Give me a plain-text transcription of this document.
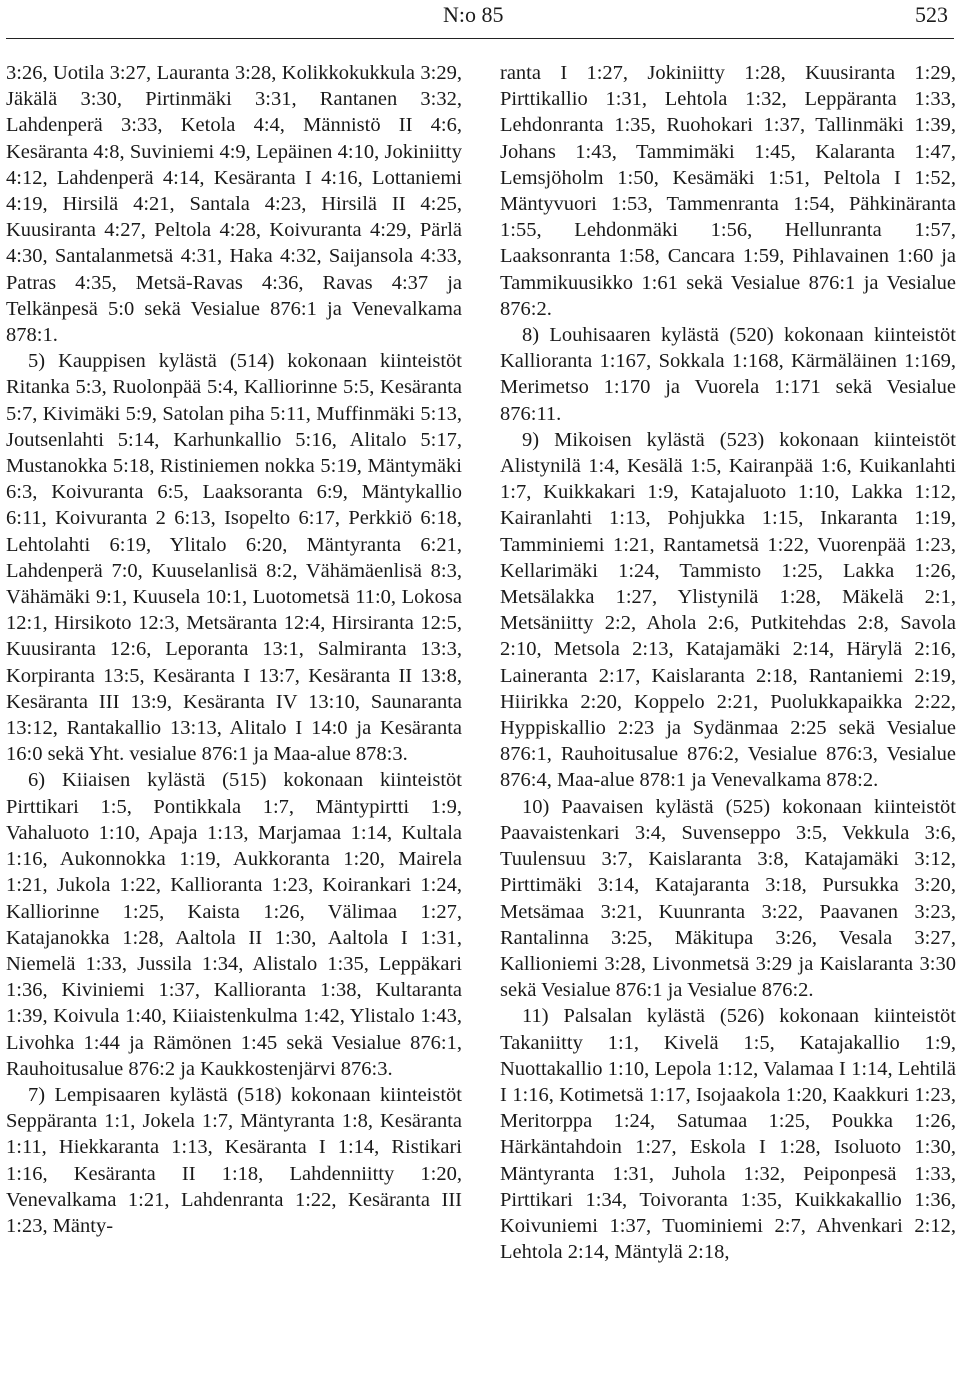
N:o 85	523

3:26, Uotila 3:27, Lauranta 3:28, Kolikkokukkula 3:29, Jäkälä 3:30, Pirtinmäki 3:31, Rantanen 3:32, Lahdenperä 3:33, Ketola 4:4, Männistö II 4:6, Kesäranta 4:8, Suviniemi 4:9, Lepäinen 4:10, Jokiniitty 4:12, Lahdenperä 4:14, Kesäranta I 4:16, Lottaniemi 4:19, Hirsilä 4:21, Santala 4:23, Hirsilä II 4:25, Kuusiranta 4:27, Peltola 4:28, Koivuranta 4:29, Pärlä 4:30, Santalanmetsä 4:31, Haka 4:32, Saijansola 4:33, Patras 4:35, Metsä-Ravas 4:36, Ravas 4:37 ja Telkänpesä 5:0 sekä Vesialue 876:1 ja Venevalkama 878:1.

5) Kauppisen kylästä (514) kokonaan kiinteistöt Ritanka 5:3, Ruolonpää 5:4, Kalliorinne 5:5, Kesäranta 5:7, Kivimäki 5:9, Satolan piha 5:11, Muffinmäki 5:13, Joutsenlahti 5:14, Karhunkallio 5:16, Alitalo 5:17, Mustanokka 5:18, Ristiniemen nokka 5:19, Mäntymäki 6:3, Koivuranta 6:5, Laaksoranta 6:9, Mäntykallio 6:11, Koivuranta 2 6:13, Isopelto 6:17, Perkkiö 6:18, Lehtolahti 6:19, Ylitalo 6:20, Mäntyranta 6:21, Lahdenperä 7:0, Kuuselanlisä 8:2, Vähämäenlisä 8:3, Vähämäki 9:1, Kuusela 10:1, Luotometsä 11:0, Lokosa 12:1, Hirsikoto 12:3, Metsäranta 12:4, Hirsiranta 12:5, Kuusiranta 12:6, Leporanta 13:1, Salmiranta 13:3, Korpiranta 13:5, Kesäranta I 13:7, Kesäranta II 13:8, Kesäranta III 13:9, Kesäranta IV 13:10, Saunaranta 13:12, Rantakallio 13:13, Alitalo I 14:0 ja Kesäranta 16:0 sekä Yht. vesialue 876:1 ja Maa-alue 878:3.

6) Kiiaisen kylästä (515) kokonaan kiinteistöt Pirttikari 1:5, Pontikkala 1:7, Mäntypirtti 1:9, Vahaluoto 1:10, Apaja 1:13, Marjamaa 1:14, Kultala 1:16, Aukonnokka 1:19, Aukkoranta 1:20, Mairela 1:21, Jukola 1:22, Kallioranta 1:23, Koirankari 1:24, Kalliorinne 1:25, Kaista 1:26, Välimaa 1:27, Katajanokka 1:28, Aaltola II 1:30, Aaltola I 1:31, Niemelä 1:33, Jussila 1:34, Alistalo 1:35, Leppäkari 1:36, Kiviniemi 1:37, Kallioranta 1:38, Kultaranta 1:39, Koivula 1:40, Kiiaistenkulma 1:42, Ylistalo 1:43, Livohka 1:44 ja Rämönen 1:45 sekä Vesialue 876:1, Rauhoitusalue 876:2 ja Kaukkostenjärvi 876:3.

7) Lempisaaren kylästä (518) kokonaan kiinteistöt Seppäranta 1:1, Jokela 1:7, Mäntyranta 1:8, Kesäranta 1:11, Hiekkaranta 1:13, Kesäranta I 1:14, Ristikari 1:16, Kesäranta II 1:18, Lahdenniitty 1:20, Venevalkama 1:21, Lahdenranta 1:22, Kesäranta III 1:23, Mänty-

ranta I 1:27, Jokiniitty 1:28, Kuusiranta 1:29, Pirttikallio 1:31, Lehtola 1:32, Leppäranta 1:33, Lehdonranta 1:35, Ruohokari 1:37, Tallinmäki 1:39, Johans 1:43, Tammimäki 1:45, Kalaranta 1:47, Lemsjöholm 1:50, Kesämäki 1:51, Peltola I 1:52, Mäntyvuori 1:53, Tammenranta 1:54, Pähkinäranta 1:55, Lehdonmäki 1:56, Hellunranta 1:57, Laaksonranta 1:58, Cancara 1:59, Pihlavainen 1:60 ja Tammikuusikko 1:61 sekä Vesialue 876:1 ja Vesialue 876:2.

8) Louhisaaren kylästä (520) kokonaan kiinteistöt Kallioranta 1:167, Sokkala 1:168, Kärmäläinen 1:169, Merimetso 1:170 ja Vuorela 1:171 sekä Vesialue 876:11.

9) Mikoisen kylästä (523) kokonaan kiinteistöt Alistynilä 1:4, Kesälä 1:5, Kairanpää 1:6, Kuikanlahti 1:7, Kuikkakari 1:9, Katajaluoto 1:10, Lakka 1:12, Kairanlahti 1:13, Pohjukka 1:15, Inkaranta 1:19, Tamminiemi 1:21, Rantametsä 1:22, Vuorenpää 1:23, Kellarimäki 1:24, Tammisto 1:25, Lakka 1:26, Metsälakka 1:27, Ylistynilä 1:28, Mäkelä 2:1, Metsäniitty 2:2, Ahola 2:6, Putkitehdas 2:8, Savola 2:10, Metsola 2:13, Katajamäki 2:14, Härylä 2:16, Laineranta 2:17, Kaislaranta 2:18, Rantaniemi 2:19, Hiirikka 2:20, Koppelo 2:21, Puolukkapaikka 2:22, Hyppiskallio 2:23 ja Sydänmaa 2:25 sekä Vesialue 876:1, Rauhoitusalue 876:2, Vesialue 876:3, Vesialue 876:4, Maa-alue 878:1 ja Venevalkama 878:2.

10) Paavaisen kylästä (525) kokonaan kiinteistöt Paavaistenkari 3:4, Suvenseppo 3:5, Vekkula 3:6, Tuulensuu 3:7, Kaislaranta 3:8, Katajamäki 3:12, Pirttimäki 3:14, Katajaranta 3:18, Pursukka 3:20, Metsämaa 3:21, Kuunranta 3:22, Paavanen 3:23, Rantalinna 3:25, Mäkitupa 3:26, Vesala 3:27, Kallioniemi 3:28, Livonmetsä 3:29 ja Kaislaranta 3:30 sekä Vesialue 876:1 ja Vesialue 876:2.

11) Palsalan kylästä (526) kokonaan kiinteistöt Takaniitty 1:1, Kivelä 1:5, Katajakallio 1:9, Nuottakallio 1:10, Lepola 1:12, Valamaa I 1:14, Lehtilä I 1:16, Kotimetsä 1:17, Isojaakola 1:20, Kaakkuri 1:23, Meritorppa 1:24, Satumaa 1:25, Poukka 1:26, Härkäntahdoin 1:27, Eskola I 1:28, Isoluoto 1:30, Mäntyranta 1:31, Juhola 1:32, Peiponpesä 1:33, Pirttikari 1:34, Toivoranta 1:35, Kuikkakallio 1:36, Koivuniemi 1:37, Tuominiemi 2:7, Ahvenkari 2:12, Lehtola 2:14, Mäntylä 2:18,
